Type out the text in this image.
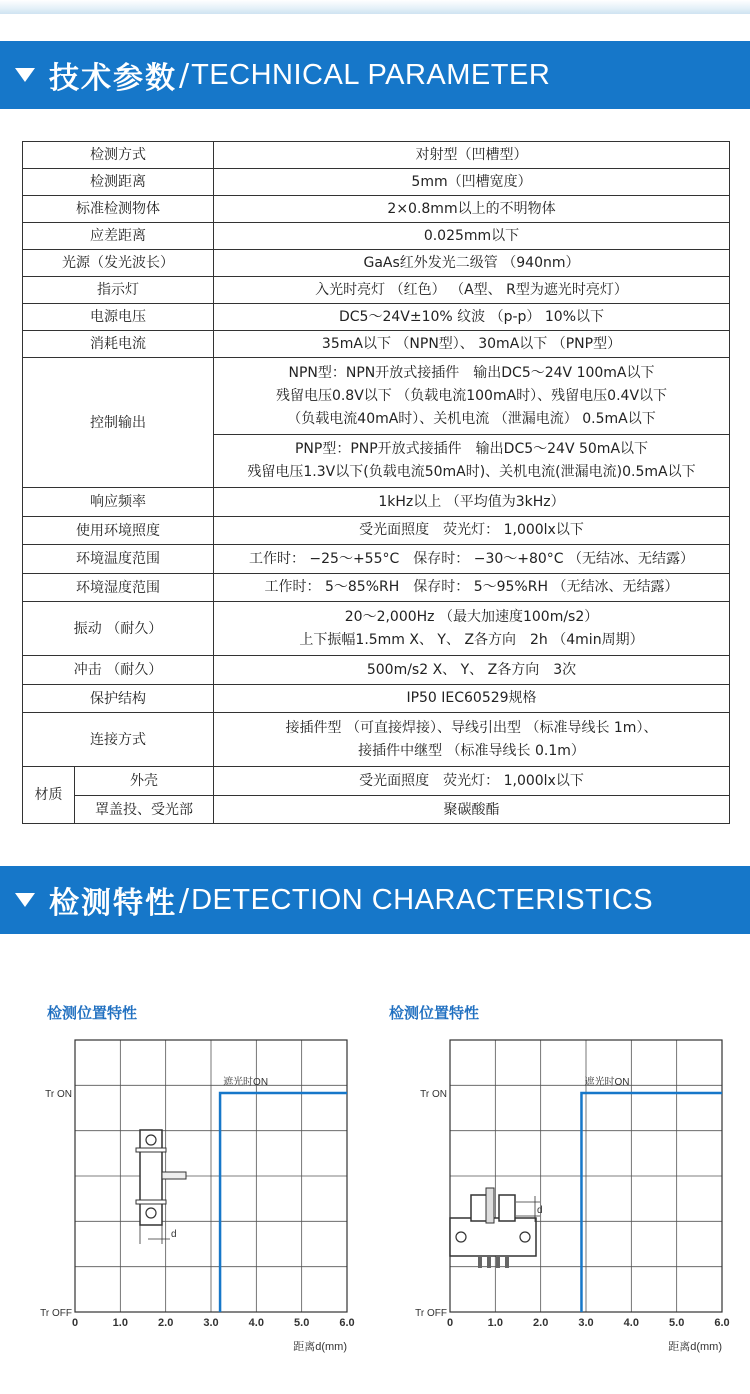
技术参数 / TECHNICAL PARAMETER
检测方式		对射型（凹槽型）

检测距离		5mm（凹槽宽度）

标准检测物体		2×0.8mm以上的不明物体

应差距离		0.025mm以下

光源（发光波长）		GaAs红外发光二级管 （940nm）

指示灯		入光时亮灯 （红色） （A型、 R型为遮光时亮灯）

电源电压		DC5～24V±10% 纹波 （p-p） 10%以下

消耗电流		35mA以下 （NPN型）、 30mA以下 （PNP型）

控制输出		NPN型：NPN开放式接插件　输出DC5～24V 100mA以下
残留电压0.8V以下 （负载电流100mA时）、残留电压0.4V以下
（负载电流40mA时）、关机电流 （泄漏电流） 0.5mA以下

		PNP型：PNP开放式接插件　输出DC5～24V 50mA以下
残留电压1.3V以下(负载电流50mA时)、关机电流(泄漏电流)0.5mA以下

响应频率		1kHz以上 （平均值为3kHz）

使用环境照度		受光面照度　荧光灯： 1,000lx以下

环境温度范围		工作时： −25～+55°C　保存时： −30～+80°C （无结冰、无结露）

环境湿度范围		工作时： 5～85%RH　保存时： 5～95%RH （无结冰、无结露）

振动 （耐久）		20～2,000Hz （最大加速度100m/s2）
上下振幅1.5mm X、 Y、 Z各方向　2h （4min周期）

冲击 （耐久）		500m/s2 X、 Y、 Z各方向　3次

保护结构		IP50 IEC60529规格

连接方式		接插件型 （可直接焊接）、导线引出型 （标准导线长 1m）、
接插件中继型 （标准导线长 0.1m）

材质	外壳	受光面照度　荧光灯： 1,000lx以下
	罩盖投、受光部	聚碳酸酯
检测特性 / DETECTION CHARACTERISTICS
检测位置特性	检测位置特性
Tr ON
Tr OFF
0	1.0	2.0	3.0	4.0	5.0	6.0
距离d(mm)
遮光时ON
d
Tr ON
Tr OFF
0	1.0	2.0	3.0	4.0	5.0	6.0
距离d(mm)
遮光时ON
d
